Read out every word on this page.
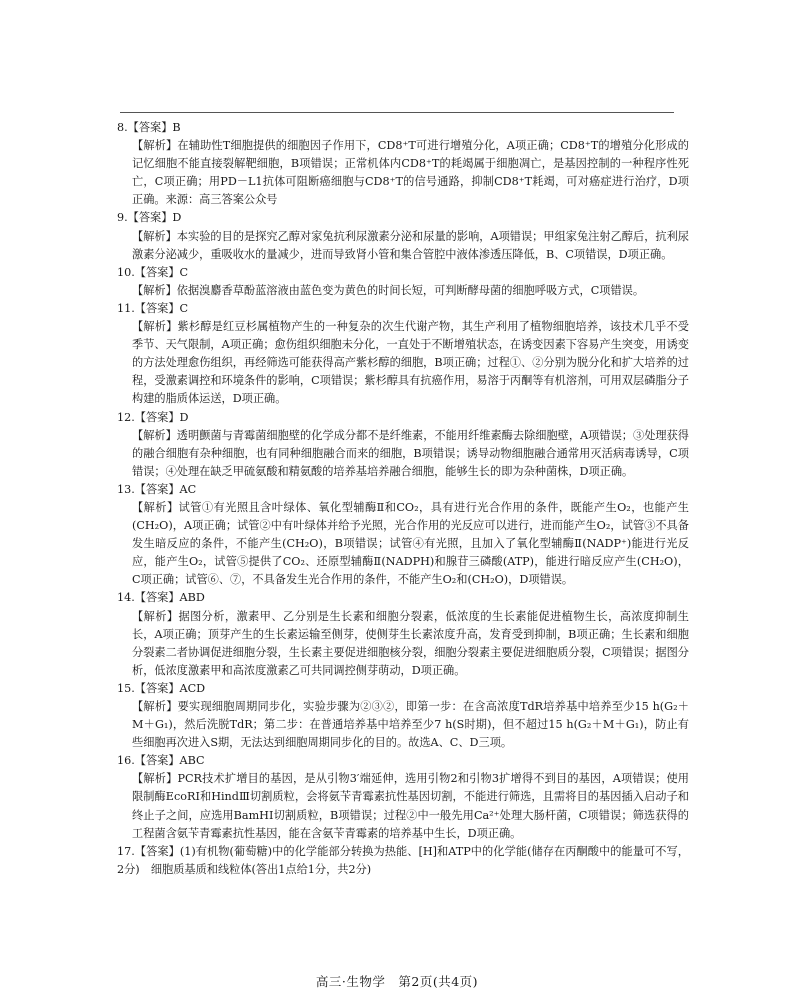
8.【答案】B
【解析】在辅助性T细胞提供的细胞因子作用下，CD8⁺T可进行增殖分化，A项正确；CD8⁺T的增殖分化形成的记忆细胞不能直接裂解靶细胞，B项错误；正常机体内CD8⁺T的耗竭属于细胞凋亡，是基因控制的一种程序性死亡，C项正确；用PD－L1抗体可阻断癌细胞与CD8⁺T的信号通路，抑制CD8⁺T耗竭，可对癌症进行治疗，D项正确。来源：高三答案公众号
9.【答案】D
【解析】本实验的目的是探究乙醇对家兔抗利尿激素分泌和尿量的影响，A项错误；甲组家兔注射乙醇后，抗利尿激素分泌减少，重吸收水的量减少，进而导致肾小管和集合管腔中液体渗透压降低，B、C项错误，D项正确。
10.【答案】C
【解析】依据溴麝香草酚蓝溶液由蓝色变为黄色的时间长短，可判断酵母菌的细胞呼吸方式，C项错误。
11.【答案】C
【解析】紫杉醇是红豆杉属植物产生的一种复杂的次生代谢产物，其生产利用了植物细胞培养，该技术几乎不受季节、天气限制，A项正确；愈伤组织细胞未分化，一直处于不断增殖状态，在诱变因素下容易产生突变，用诱变的方法处理愈伤组织，再经筛选可能获得高产紫杉醇的细胞，B项正确；过程①、②分别为脱分化和扩大培养的过程，受激素调控和环境条件的影响，C项错误；紫杉醇具有抗癌作用，易溶于丙酮等有机溶剂，可用双层磷脂分子构建的脂质体运送，D项正确。
12.【答案】D
【解析】透明颤菌与青霉菌细胞壁的化学成分都不是纤维素，不能用纤维素酶去除细胞壁，A项错误；③处理获得的融合细胞有杂种细胞，也有同种细胞融合而来的细胞，B项错误；诱导动物细胞融合通常用灭活病毒诱导，C项错误；④处理在缺乏甲硫氨酸和精氨酸的培养基培养融合细胞，能够生长的即为杂种菌株，D项正确。
13.【答案】AC
【解析】试管①有光照且含叶绿体、氧化型辅酶Ⅱ和CO₂，具有进行光合作用的条件，既能产生O₂，也能产生(CH₂O)，A项正确；试管②中有叶绿体并给予光照，光合作用的光反应可以进行，进而能产生O₂，试管③不具备发生暗反应的条件，不能产生(CH₂O)，B项错误；试管④有光照，且加入了氧化型辅酶Ⅱ(NADP⁺)能进行光反应，能产生O₂，试管⑤提供了CO₂、还原型辅酶Ⅱ(NADPH)和腺苷三磷酸(ATP)，能进行暗反应产生(CH₂O)，C项正确；试管⑥、⑦，不具备发生光合作用的条件，不能产生O₂和(CH₂O)，D项错误。
14.【答案】ABD
【解析】据图分析，激素甲、乙分别是生长素和细胞分裂素，低浓度的生长素能促进植物生长，高浓度抑制生长，A项正确；顶芽产生的生长素运输至侧芽，使侧芽生长素浓度升高，发育受到抑制，B项正确；生长素和细胞分裂素二者协调促进细胞分裂，生长素主要促进细胞核分裂，细胞分裂素主要促进细胞质分裂，C项错误；据图分析，低浓度激素甲和高浓度激素乙可共同调控侧芽萌动，D项正确。
15.【答案】ACD
【解析】要实现细胞周期同步化，实验步骤为②③②，即第一步：在含高浓度TdR培养基中培养至少15 h(G₂＋M＋G₁)，然后洗脱TdR；第二步：在普通培养基中培养至少7 h(S时期)，但不超过15 h(G₂＋M＋G₁)，防止有些细胞再次进入S期，无法达到细胞周期同步化的目的。故选A、C、D三项。
16.【答案】ABC
【解析】PCR技术扩增目的基因，是从引物3′端延伸，选用引物2和引物3扩增得不到目的基因，A项错误；使用限制酶EcoRⅠ和HindⅢ切割质粒，会将氨苄青霉素抗性基因切割，不能进行筛选，且需将目的基因插入启动子和终止子之间，应选用BamHⅠ切割质粒，B项错误；过程②中一般先用Ca²⁺处理大肠杆菌，C项错误；筛选获得的工程菌含氨苄青霉素抗性基因，能在含氨苄青霉素的培养基中生长，D项正确。
17.【答案】(1)有机物(葡萄糖)中的化学能部分转换为热能、[H]和ATP中的化学能(储存在丙酮酸中的能量可不写，2分)　细胞质基质和线粒体(答出1点给1分，共2分)
高三·生物学　第2页(共4页)
